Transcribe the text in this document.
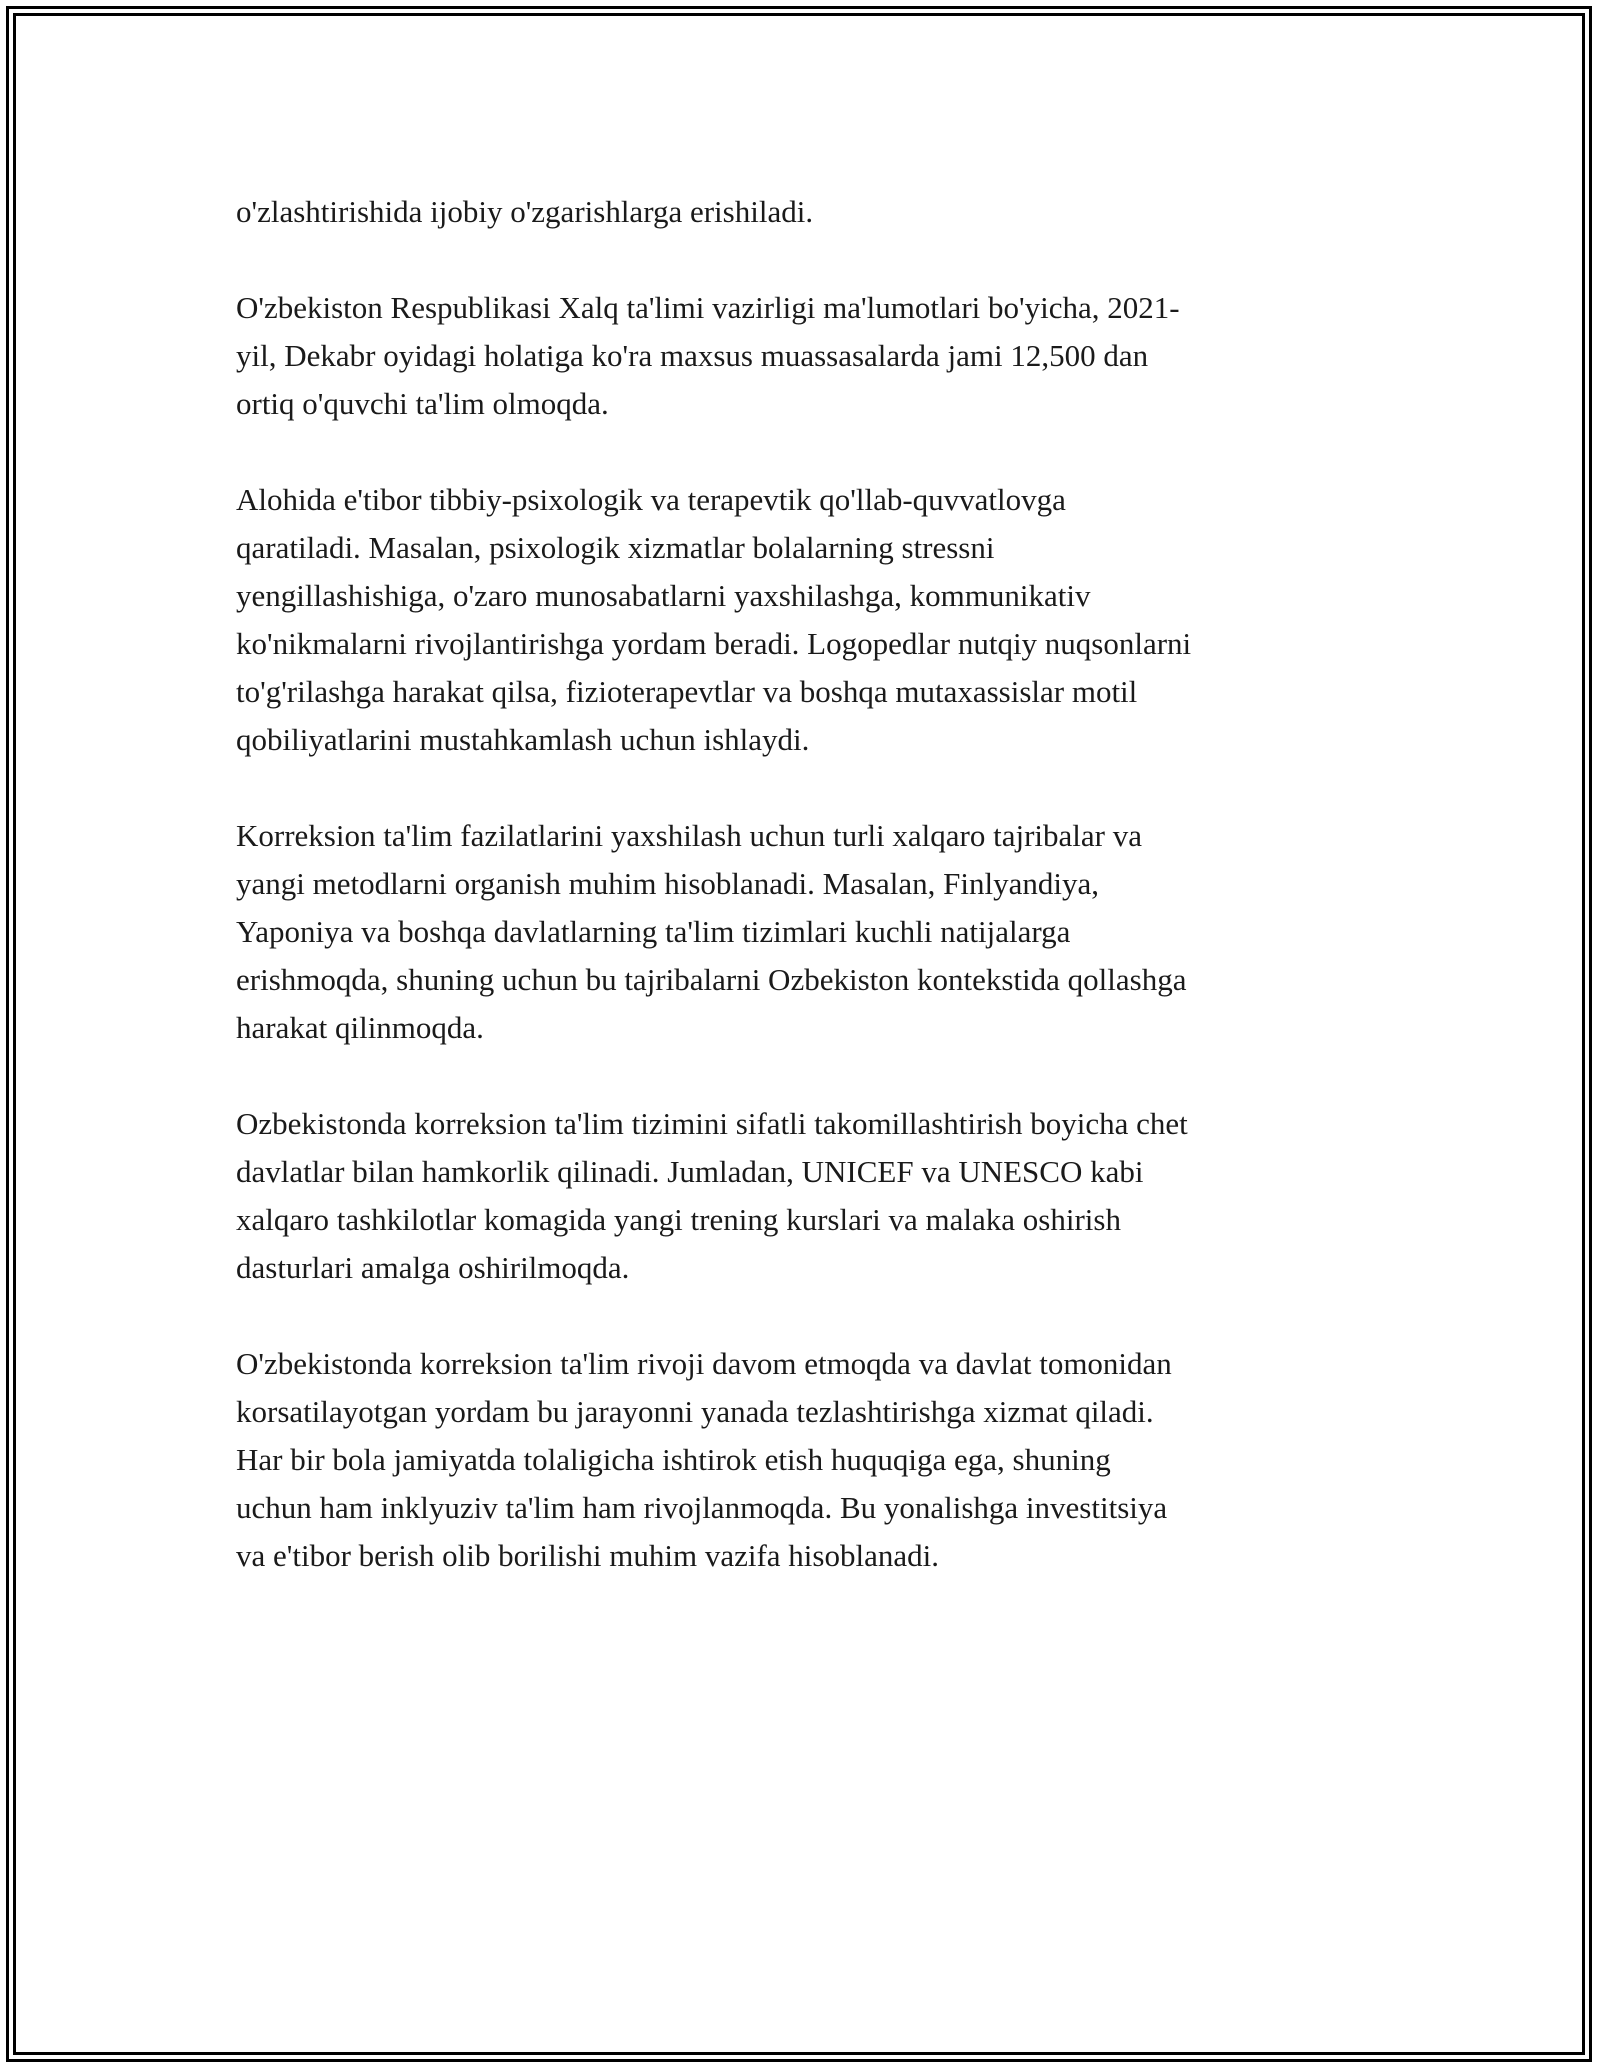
o'zlashtirishida ijobiy o'zgarishlarga erishiladi.

O'zbekiston Respublikasi Xalq ta'limi vazirligi ma'lumotlari bo'yicha, 2021-
yil, Dekabr oyidagi holatiga ko'ra maxsus muassasalarda jami 12,500 dan
ortiq o'quvchi ta'lim olmoqda.

Alohida e'tibor tibbiy-psixologik va terapevtik qo'llab-quvvatlovga
qaratiladi. Masalan, psixologik xizmatlar bolalarning stressni
yengillashishiga, o'zaro munosabatlarni yaxshilashga, kommunikativ
ko'nikmalarni rivojlantirishga yordam beradi. Logopedlar nutqiy nuqsonlarni
to'g'rilashga harakat qilsa, fizioterapevtlar va boshqa mutaxassislar motil
qobiliyatlarini mustahkamlash uchun ishlaydi.

Korreksion ta'lim fazilatlarini yaxshilash uchun turli xalqaro tajribalar va
yangi metodlarni organish muhim hisoblanadi. Masalan, Finlyandiya,
Yaponiya va boshqa davlatlarning ta'lim tizimlari kuchli natijalarga
erishmoqda, shuning uchun bu tajribalarni Ozbekiston kontekstida qollashga
harakat qilinmoqda.

Ozbekistonda korreksion ta'lim tizimini sifatli takomillashtirish boyicha chet
davlatlar bilan hamkorlik qilinadi. Jumladan, UNICEF va UNESCO kabi
xalqaro tashkilotlar komagida yangi trening kurslari va malaka oshirish
dasturlari amalga oshirilmoqda.

O'zbekistonda korreksion ta'lim rivoji davom etmoqda va davlat tomonidan
korsatilayotgan yordam bu jarayonni yanada tezlashtirishga xizmat qiladi.
Har bir bola jamiyatda tolaligicha ishtirok etish huquqiga ega, shuning
uchun ham inklyuziv ta'lim ham rivojlanmoqda. Bu yonalishga investitsiya
va e'tibor berish olib borilishi muhim vazifa hisoblanadi.
